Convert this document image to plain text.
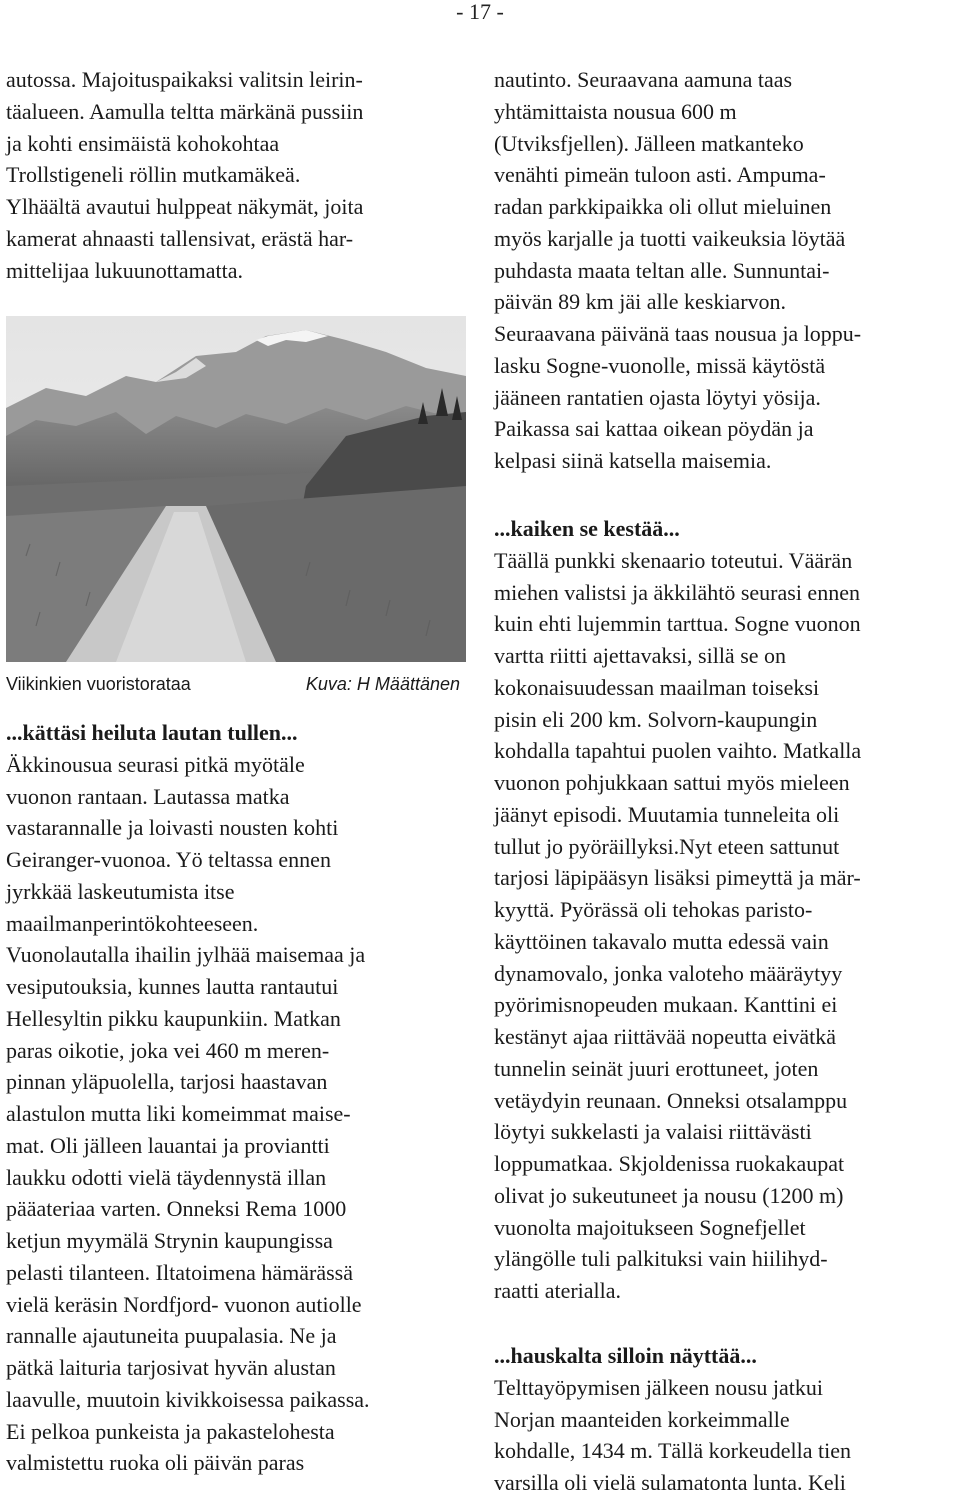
- 17 -
autossa. Majoituspaikaksi valitsin leirin-
täalueen. Aamulla teltta märkänä pussiin
ja kohti ensimäistä kohokohtaa
Trollstigeneli röllin mutkamäkeä.
Ylhäältä avautui hulppeat näkymät, joita
kamerat ahnaasti tallensivat, erästä har-
mittelijaa lukuunottamatta.
Viikinkien vuoristorataa	Kuva: H Määttänen
...kättäsi heiluta lautan tullen...
Äkkinousua seurasi pitkä myötäle
vuonon rantaan. Lautassa matka
vastarannalle ja loivasti nousten kohti
Geiranger-vuonoa. Yö teltassa ennen
jyrkkää laskeutumista itse
maailmanperintökohteeseen.
Vuonolautalla ihailin jylhää maisemaa ja
vesiputouksia, kunnes lautta rantautui
Hellesyltin pikku kaupunkiin. Matkan
paras oikotie, joka vei 460 m meren-
pinnan yläpuolella, tarjosi haastavan
alastulon mutta liki komeimmat maise-
mat. Oli jälleen lauantai ja proviantti
laukku odotti vielä täydennystä illan
pääateriaa varten. Onneksi Rema 1000
ketjun myymälä Strynin kaupungissa
pelasti tilanteen. Iltatoimena hämärässä
vielä keräsin Nordfjord- vuonon autiolle
rannalle ajautuneita puupalasia. Ne ja
pätkä laituria tarjosivat hyvän alustan
laavulle, muutoin kivikkoisessa paikassa.
Ei pelkoa punkeista ja pakastelohesta
valmistettu ruoka oli päivän paras
nautinto. Seuraavana aamuna taas
yhtämittaista nousua 600 m
(Utviksfjellen). Jälleen matkanteko
venähti pimeän tuloon asti. Ampuma-
radan parkkipaikka oli ollut mieluinen
myös karjalle ja tuotti vaikeuksia löytää
puhdasta maata teltan alle. Sunnuntai-
päivän 89 km jäi alle keskiarvon.
Seuraavana päivänä taas nousua ja loppu-
lasku Sogne-vuonolle, missä käytöstä
jääneen rantatien ojasta löytyi yösija.
Paikassa sai kattaa oikean pöydän ja
kelpasi siinä katsella maisemia.
...kaiken se kestää...
Täällä punkki skenaario toteutui. Väärän
miehen valistsi ja äkkilähtö seurasi ennen
kuin ehti lujemmin tarttua. Sogne vuonon
vartta riitti ajettavaksi, sillä se on
kokonaisuudessan maailman toiseksi
pisin eli 200 km. Solvorn-kaupungin
kohdalla tapahtui puolen vaihto. Matkalla
vuonon pohjukkaan sattui myös mieleen
jäänyt episodi. Muutamia tunneleita oli
tullut jo pyöräillyksi.Nyt eteen sattunut
tarjosi läpipääsyn lisäksi pimeyttä ja mär-
kyyttä. Pyörässä oli tehokas paristo-
käyttöinen takavalo mutta edessä vain
dynamovalo, jonka valoteho määräytyy
pyörimisnopeuden mukaan. Kanttini ei
kestänyt ajaa riittävää nopeutta eivätkä
tunnelin seinät juuri erottuneet, joten
vetäydyin reunaan. Onneksi otsalamppu
löytyi sukkelasti ja valaisi riittävästi
loppumatkaa. Skjoldenissa ruokakaupat
olivat jo sukeutuneet ja nousu (1200 m)
vuonolta majoitukseen Sognefjellet
ylängölle tuli palkituksi vain hiilihyd-
raatti aterialla.
...hauskalta silloin näyttää...
Telttayöpymisen jälkeen nousu jatkui
Norjan maanteiden korkeimmalle
kohdalle, 1434 m. Tällä korkeudella tien
varsilla oli vielä sulamatonta lunta. Keli
